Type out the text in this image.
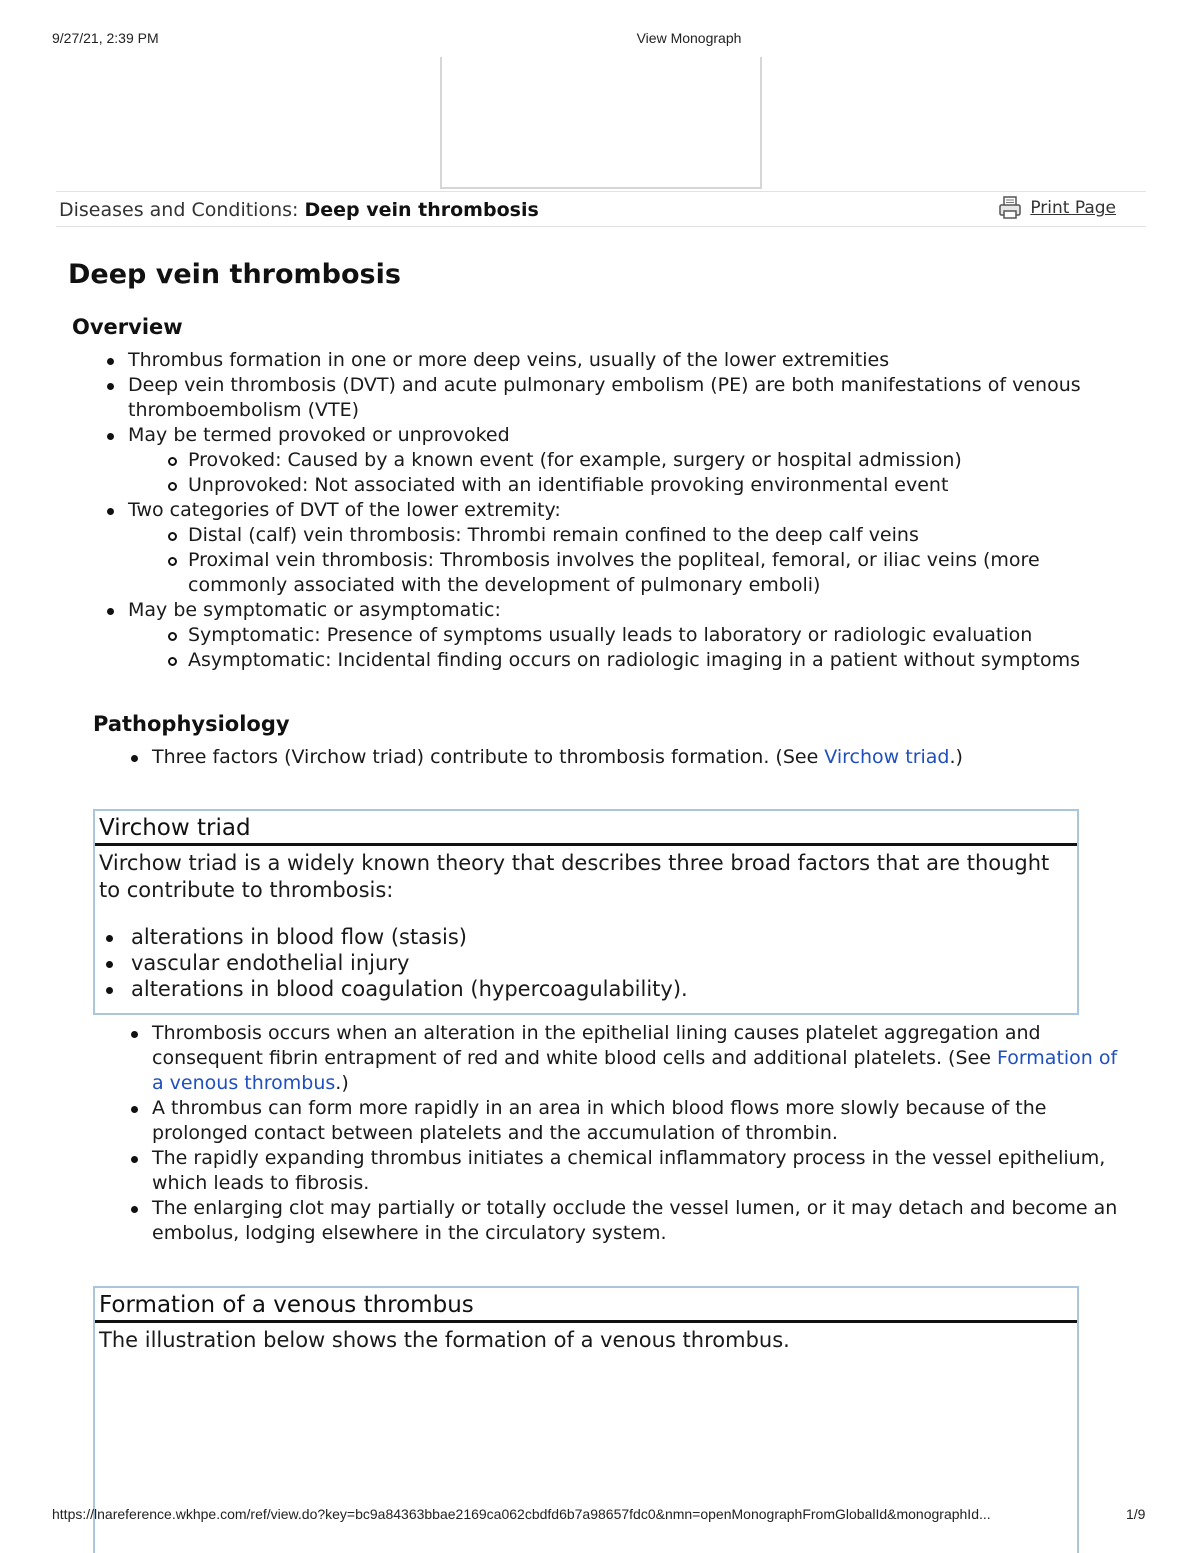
9/27/21, 2:39 PM	View Monograph
Diseases and Conditions: Deep vein thrombosis	Print Page
Deep vein thrombosis
Overview
Thrombus formation in one or more deep veins, usually of the lower extremities
Deep vein thrombosis (DVT) and acute pulmonary embolism (PE) are both manifestations of venous thromboembolism (VTE)
May be termed provoked or unprovoked
Provoked: Caused by a known event (for example, surgery or hospital admission)
Unprovoked: Not associated with an identifiable provoking environmental event
Two categories of DVT of the lower extremity:
Distal (calf) vein thrombosis: Thrombi remain confined to the deep calf veins
Proximal vein thrombosis: Thrombosis involves the popliteal, femoral, or iliac veins (more commonly associated with the development of pulmonary emboli)
May be symptomatic or asymptomatic:
Symptomatic: Presence of symptoms usually leads to laboratory or radiologic evaluation
Asymptomatic: Incidental finding occurs on radiologic imaging in a patient without symptoms
Pathophysiology
Three factors (Virchow triad) contribute to thrombosis formation. (See Virchow triad.)
Virchow triad
Virchow triad is a widely known theory that describes three broad factors that are thought to contribute to thrombosis:
alterations in blood flow (stasis)
vascular endothelial injury
alterations in blood coagulation (hypercoagulability).
Thrombosis occurs when an alteration in the epithelial lining causes platelet aggregation and consequent fibrin entrapment of red and white blood cells and additional platelets. (See Formation of a venous thrombus.)
A thrombus can form more rapidly in an area in which blood flows more slowly because of the prolonged contact between platelets and the accumulation of thrombin.
The rapidly expanding thrombus initiates a chemical inflammatory process in the vessel epithelium, which leads to fibrosis.
The enlarging clot may partially or totally occlude the vessel lumen, or it may detach and become an embolus, lodging elsewhere in the circulatory system.
Formation of a venous thrombus
The illustration below shows the formation of a venous thrombus.
https://lnareference.wkhpe.com/ref/view.do?key=bc9a84363bbae2169ca062cbdfd6b7a98657fdc0&nmn=openMonographFromGlobalId&monographId...	1/9
